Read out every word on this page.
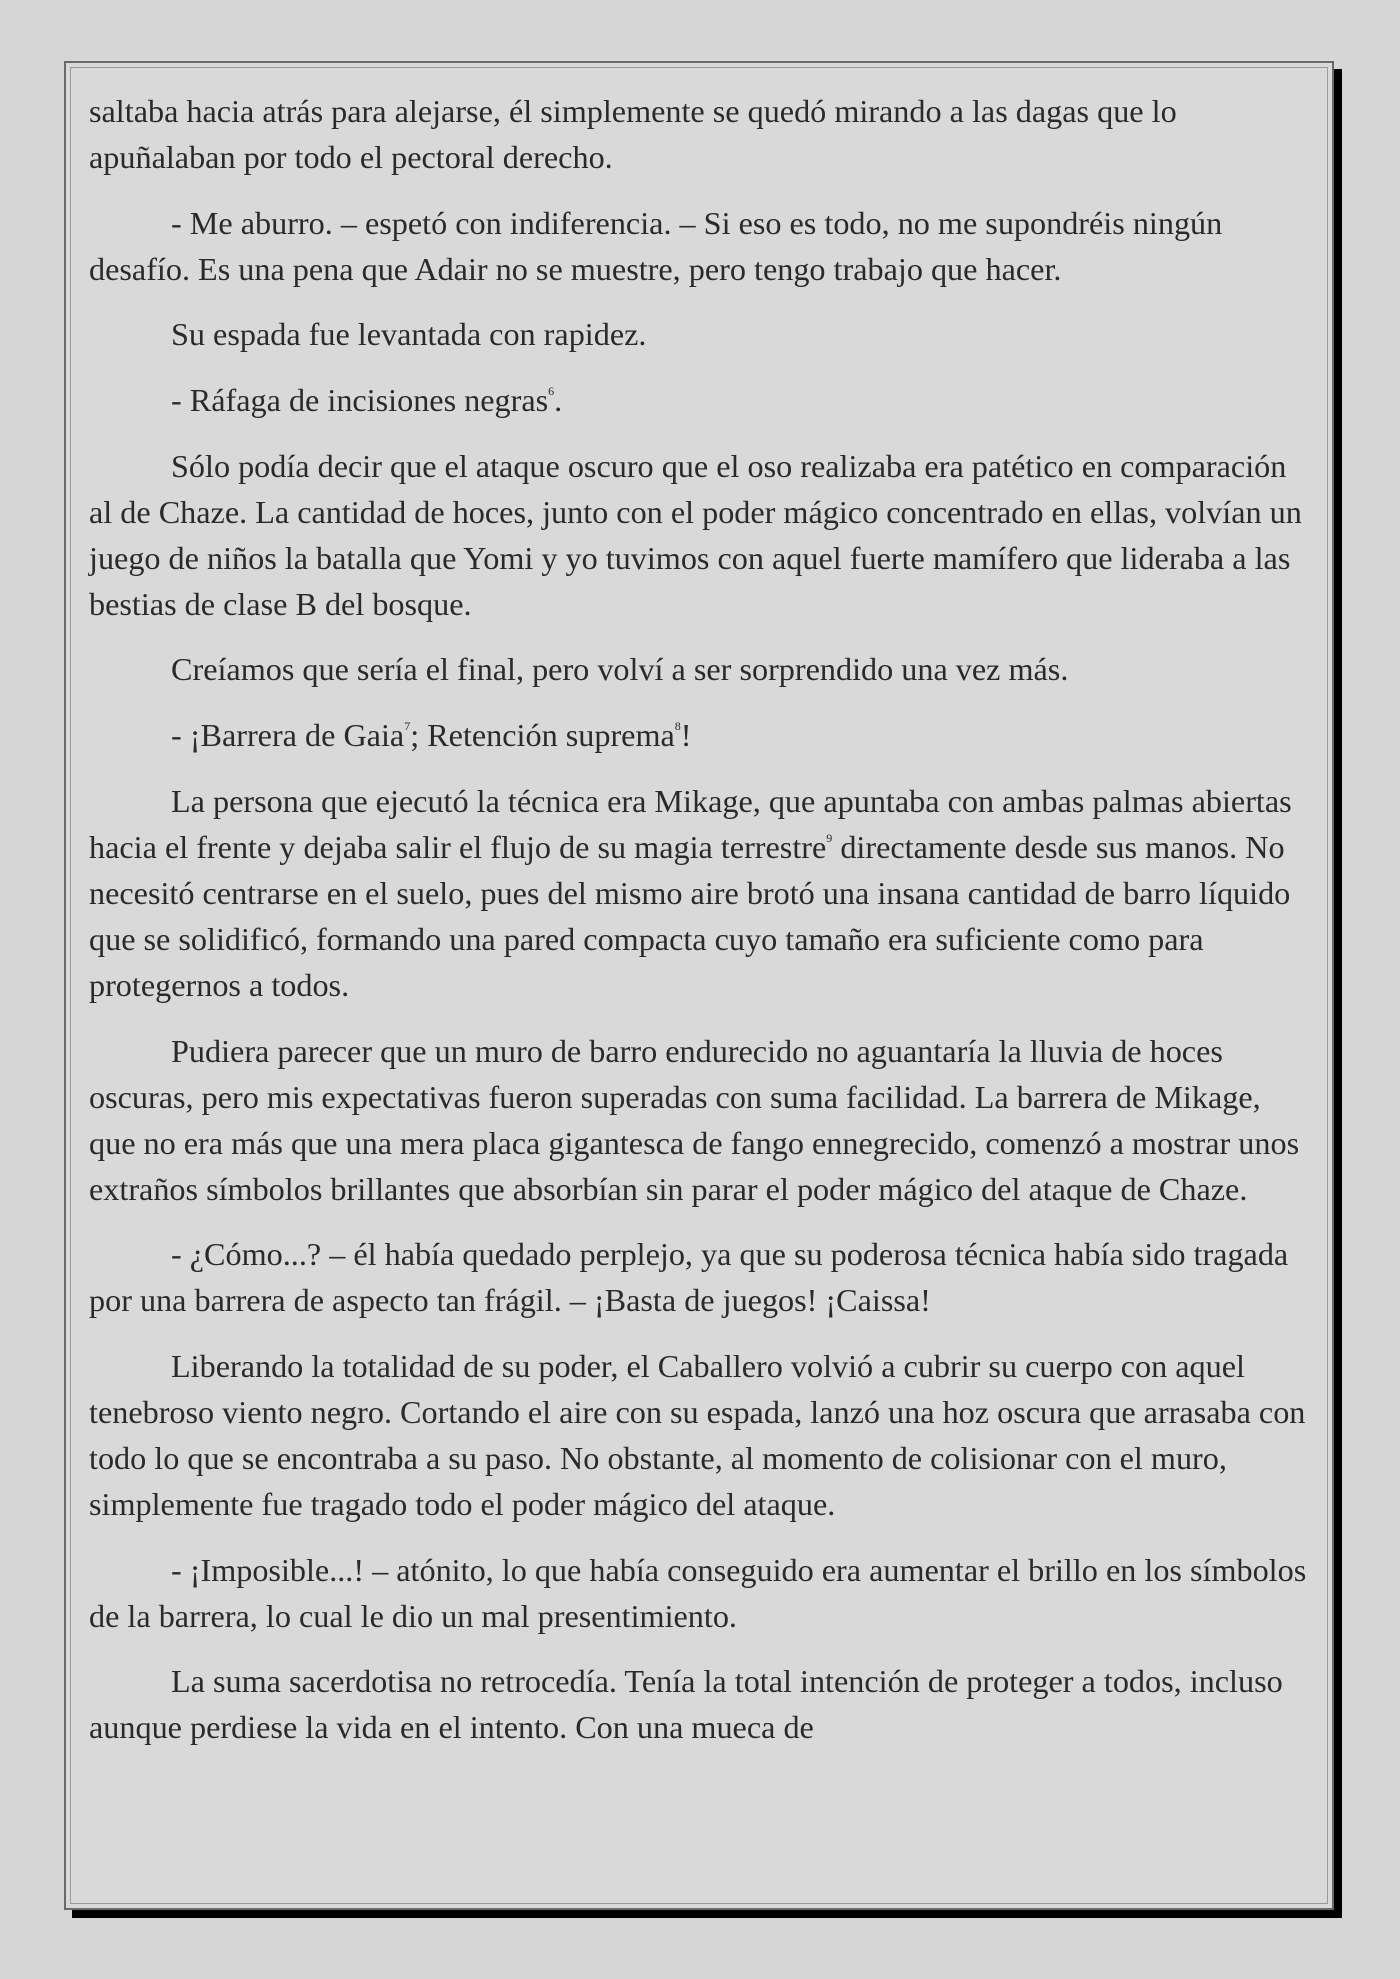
saltaba hacia atrás para alejarse, él simplemente se quedó mirando a las dagas que lo apuñalaban por todo el pectoral derecho.

- Me aburro. – espetó con indiferencia. – Si eso es todo, no me supondréis ningún desafío. Es una pena que Adair no se muestre, pero tengo trabajo que hacer.

Su espada fue levantada con rapidez.

- Ráfaga de incisiones negras$^6$.

Sólo podía decir que el ataque oscuro que el oso realizaba era patético en comparación al de Chaze. La cantidad de hoces, junto con el poder mágico concentrado en ellas, volvían un juego de niños la batalla que Yomi y yo tuvimos con aquel fuerte mamífero que lideraba a las bestias de clase B del bosque.

Creíamos que sería el final, pero volví a ser sorprendido una vez más.

- ¡Barrera de Gaia$^7$; Retención suprema$^8$!

La persona que ejecutó la técnica era Mikage, que apuntaba con ambas palmas abiertas hacia el frente y dejaba salir el flujo de su magia terrestre$^9$ directamente desde sus manos. No necesitó centrarse en el suelo, pues del mismo aire brotó una insana cantidad de barro líquido que se solidificó, formando una pared compacta cuyo tamaño era suficiente como para protegernos a todos.

Pudiera parecer que un muro de barro endurecido no aguantaría la lluvia de hoces oscuras, pero mis expectativas fueron superadas con suma facilidad. La barrera de Mikage, que no era más que una mera placa gigantesca de fango ennegrecido, comenzó a mostrar unos extraños símbolos brillantes que absorbían sin parar el poder mágico del ataque de Chaze.

- ¿Cómo...? – él había quedado perplejo, ya que su poderosa técnica había sido tragada por una barrera de aspecto tan frágil. – ¡Basta de juegos! ¡Caissa!

Liberando la totalidad de su poder, el Caballero volvió a cubrir su cuerpo con aquel tenebroso viento negro. Cortando el aire con su espada, lanzó una hoz oscura que arrasaba con todo lo que se encontraba a su paso. No obstante, al momento de colisionar con el muro, simplemente fue tragado todo el poder mágico del ataque.

- ¡Imposible...! – atónito, lo que había conseguido era aumentar el brillo en los símbolos de la barrera, lo cual le dio un mal presentimiento.

La suma sacerdotisa no retrocedía. Tenía la total intención de proteger a todos, incluso aunque perdiese la vida en el intento. Con una mueca de
